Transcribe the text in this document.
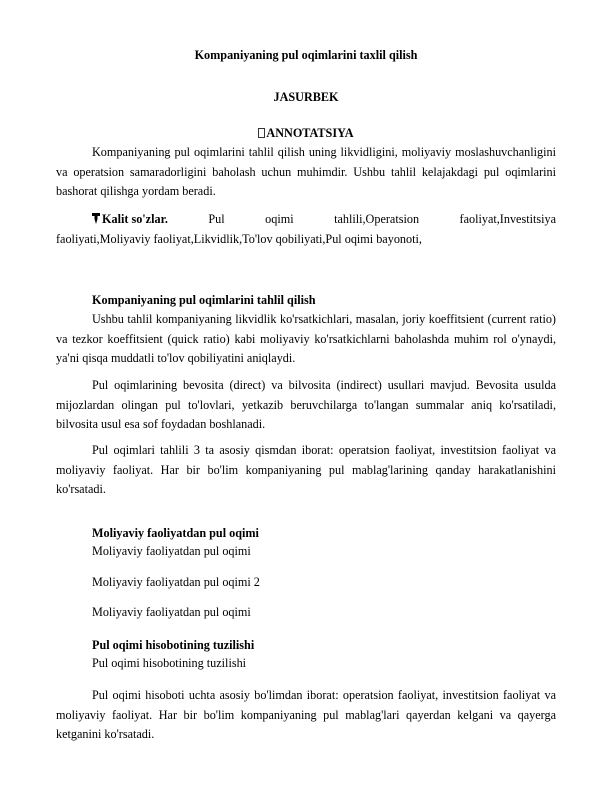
Kompaniyaning pul oqimlarini taxlil qilish
JASURBEK
ANNOTATSIYA
Kompaniyaning pul oqimlarini tahlil qilish uning likvidligini, moliyaviy moslashuvchanligini va operatsion samaradorligini baholash uchun muhimdir. Ushbu tahlil kelajakdagi pul oqimlarini bashorat qilishga yordam beradi.
Kalit so'zlar.	Pul	oqimi	tahlili,Operatsion	faoliyat,Investitsiya
faoliyati,Moliyaviy faoliyat,Likvidlik,To'lov qobiliyati,Pul oqimi bayonoti,
Kompaniyaning pul oqimlarini tahlil qilish
Ushbu tahlil kompaniyaning likvidlik ko'rsatkichlari, masalan, joriy koeffitsient (current ratio) va tezkor koeffitsient (quick ratio) kabi moliyaviy ko'rsatkichlarni baholashda muhim rol o'ynaydi, ya'ni qisqa muddatli to'lov qobiliyatini aniqlaydi.
Pul oqimlarining bevosita (direct) va bilvosita (indirect) usullari mavjud. Bevosita usulda mijozlardan olingan pul to'lovlari, yetkazib beruvchilarga to'langan summalar aniq ko'rsatiladi, bilvosita usul esa sof foydadan boshlanadi.
Pul oqimlari tahlili 3 ta asosiy qismdan iborat: operatsion faoliyat, investitsion faoliyat va moliyaviy faoliyat. Har bir bo'lim kompaniyaning pul mablag'larining qanday harakatlanishini ko'rsatadi.
Moliyaviy faoliyatdan pul oqimi
Moliyaviy faoliyatdan pul oqimi
Moliyaviy faoliyatdan pul oqimi 2
Moliyaviy faoliyatdan pul oqimi
Pul oqimi hisobotining tuzilishi
Pul oqimi hisobotining tuzilishi
Pul oqimi hisoboti uchta asosiy bo'limdan iborat: operatsion faoliyat, investitsion faoliyat va moliyaviy faoliyat. Har bir bo'lim kompaniyaning pul mablag'lari qayerdan kelgani va qayerga ketganini ko'rsatadi.
